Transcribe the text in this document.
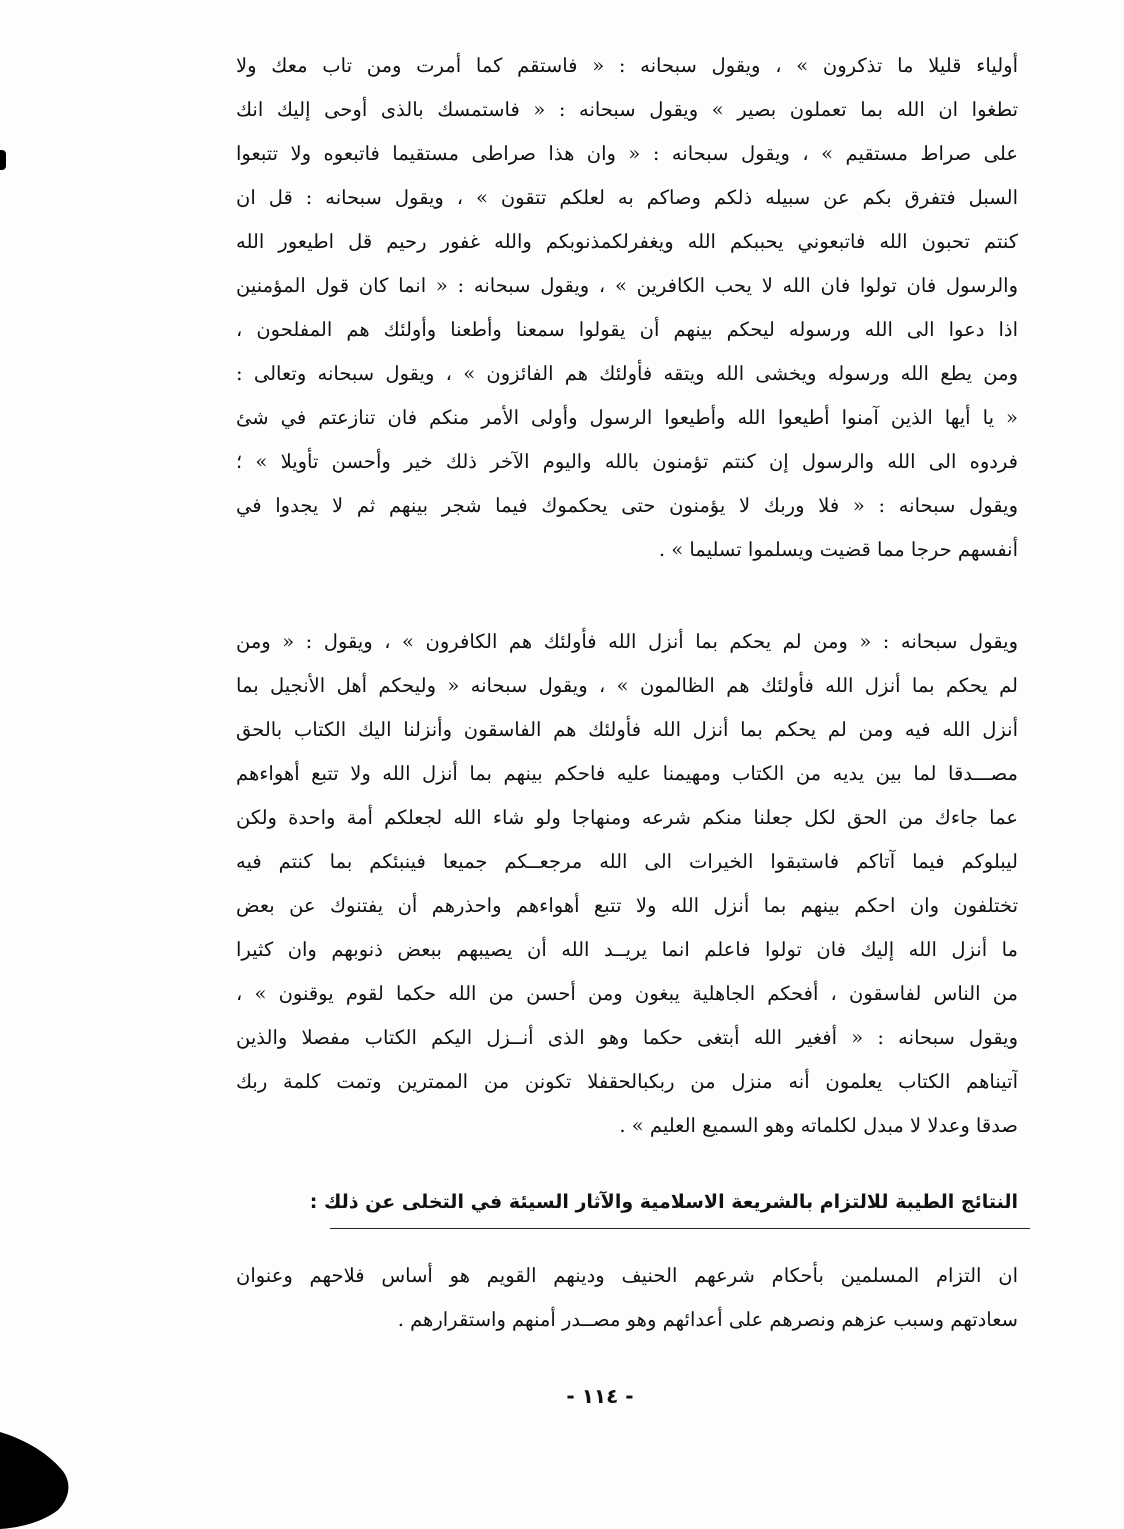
أولياء قليلا ما تذكرون » ، ويقول سبحانه : « فاستقم كما أمرت ومن تاب معك ولا
تطغوا ان الله بما تعملون بصير » ويقول سبحانه : « فاستمسك بالذى أوحى إليك انك
على صراط مستقيم » ، ويقول سبحانه : « وان هذا صراطى مستقيما فاتبعوه ولا تتبعوا
السبل فتفرق بكم عن سبيله ذلكم وصاكم به لعلكم تتقون » ، ويقول سبحانه : قل ان
كنتم تحبون الله فاتبعوني يحببكم الله ويغفرلكمذنوبكم والله غفور رحيم قل اطيعور الله
والرسول فان تولوا فان الله لا يحب الكافرين » ، ويقول سبحانه : « انما كان قول المؤمنين
اذا دعوا الى الله ورسوله ليحكم بينهم أن يقولوا سمعنا وأطعنا وأولئك هم المفلحون ،
ومن يطع الله ورسوله ويخشى الله ويتقه فأولئك هم الفائزون » ، ويقول سبحانه وتعالى :
« يا أيها الذين آمنوا أطيعوا الله وأطيعوا الرسول وأولى الأمر منكم فان تنازعتم في شئ
فردوه الى الله والرسول إن كنتم تؤمنون بالله واليوم الآخر ذلك خير وأحسن تأويلا » ؛
ويقول سبحانه : « فلا وربك لا يؤمنون حتى يحكموك فيما شجر بينهم ثم لا يجدوا في
أنفسهم حرجا مما قضيت ويسلموا تسليما » .
ويقول سبحانه : « ومن لم يحكم بما أنزل الله فأولئك هم الكافرون » ، ويقول : « ومن
لم يحكم بما أنزل الله فأولئك هم الظالمون » ، ويقول سبحانه « وليحكم أهل الأنجيل بما
أنزل الله فيه ومن لم يحكم بما أنزل الله فأولئك هم الفاسقون وأنزلنا اليك الكتاب بالحق
مصـــدقا لما بين يديه من الكتاب ومهيمنا عليه فاحكم بينهم بما أنزل الله ولا تتبع أهواءهم
عما جاءك من الحق لكل جعلنا منكم شرعه ومنهاجا ولو شاء الله لجعلكم أمة واحدة ولكن
ليبلوكم فيما آتاكم فاستبقوا الخيرات الى الله مرجعــكم جميعا فينبئكم بما كنتم فيه
تختلفون وان احكم بينهم بما أنزل الله ولا تتبع أهواءهم واحذرهم أن يفتنوك عن بعض
ما أنزل الله إليك فان تولوا فاعلم انما يريــد الله أن يصيبهم ببعض ذنوبهم وان كثيرا
من الناس لفاسقون ، أفحكم الجاهلية يبغون ومن أحسن من الله حكما لقوم يوقنون » ،
ويقول سبحانه : « أفغير الله أبتغى حكما وهو الذى أنــزل اليكم الكتاب مفصلا والذين
آتيناهم الكتاب يعلمون أنه منزل من ربكبالحقفلا تكونن من الممترين وتمت كلمة ربك
صدقا وعدلا لا مبدل لكلماته وهو السميع العليم » .
النتائج الطيبة للالتزام بالشريعة الاسلامية والآثار السيئة في التخلى عن ذلك :
ان التزام المسلمين بأحكام شرعهم الحنيف ودينهم القويم هو أساس فلاحهم وعنوان
سعادتهم وسبب عزهم ونصرهم على أعدائهم وهو مصــدر أمنهم واستقرارهم .
- ١١٤ -
